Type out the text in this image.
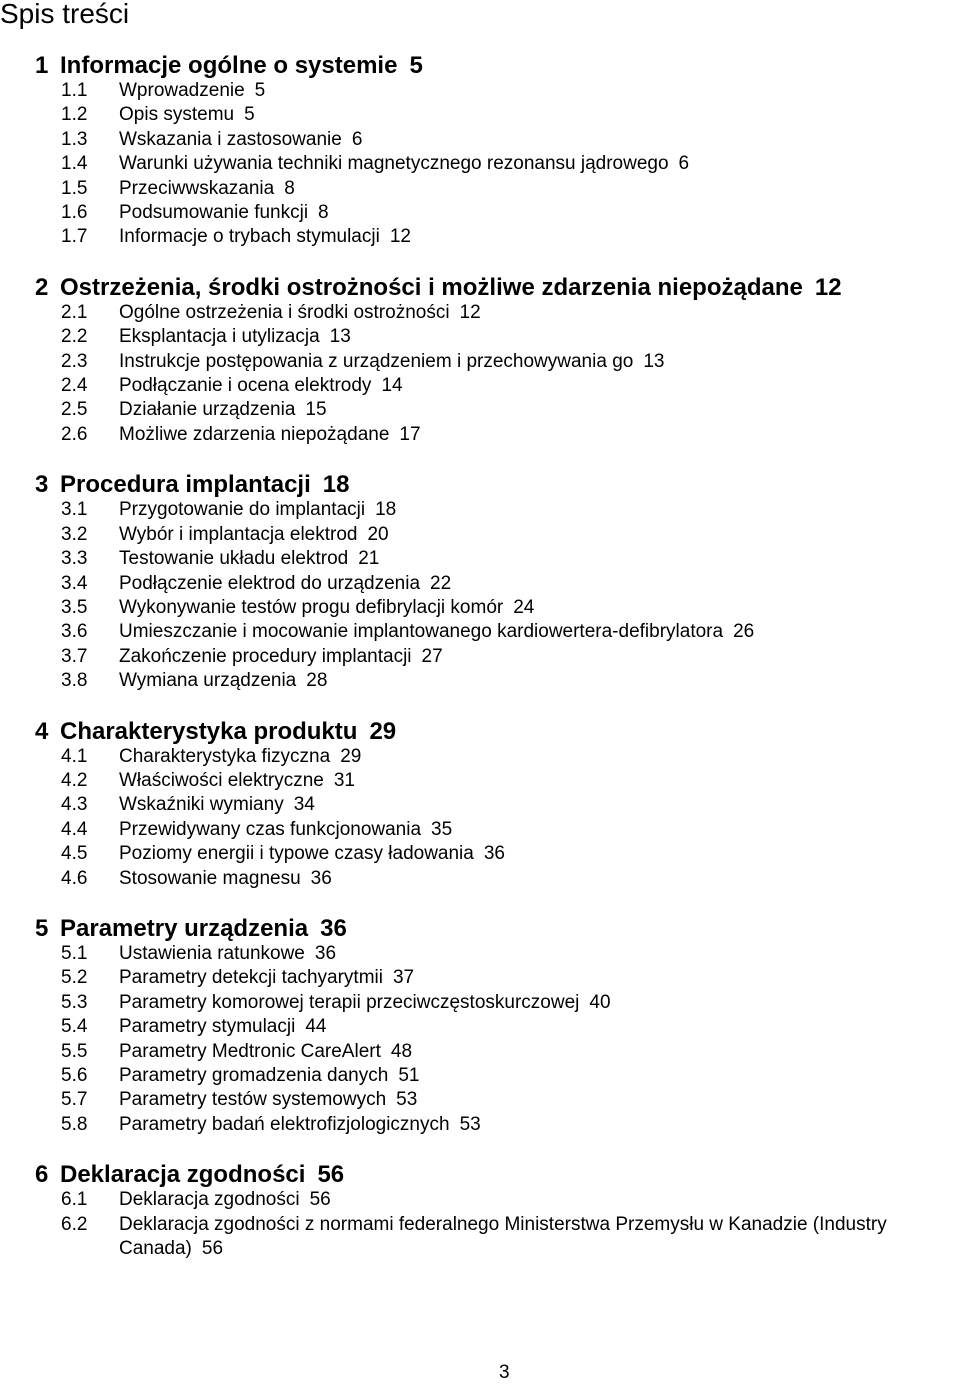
Spis treści
1 Informacje ogólne o systemie 5
1.1	Wprowadzenie 5
1.2	Opis systemu 5
1.3	Wskazania i zastosowanie 6
1.4	Warunki używania techniki magnetycznego rezonansu jądrowego 6
1.5	Przeciwwskazania 8
1.6	Podsumowanie funkcji 8
1.7	Informacje o trybach stymulacji 12
2 Ostrzeżenia, środki ostrożności i możliwe zdarzenia niepożądane 12
2.1	Ogólne ostrzeżenia i środki ostrożności 12
2.2	Eksplantacja i utylizacja 13
2.3	Instrukcje postępowania z urządzeniem i przechowywania go 13
2.4	Podłączanie i ocena elektrody 14
2.5	Działanie urządzenia 15
2.6	Możliwe zdarzenia niepożądane 17
3 Procedura implantacji 18
3.1	Przygotowanie do implantacji 18
3.2	Wybór i implantacja elektrod 20
3.3	Testowanie układu elektrod 21
3.4	Podłączenie elektrod do urządzenia 22
3.5	Wykonywanie testów progu defibrylacji komór 24
3.6	Umieszczanie i mocowanie implantowanego kardiowertera-defibrylatora 26
3.7	Zakończenie procedury implantacji 27
3.8	Wymiana urządzenia 28
4 Charakterystyka produktu 29
4.1	Charakterystyka fizyczna 29
4.2	Właściwości elektryczne 31
4.3	Wskaźniki wymiany 34
4.4	Przewidywany czas funkcjonowania 35
4.5	Poziomy energii i typowe czasy ładowania 36
4.6	Stosowanie magnesu 36
5 Parametry urządzenia 36
5.1	Ustawienia ratunkowe 36
5.2	Parametry detekcji tachyarytmii 37
5.3	Parametry komorowej terapii przeciwczęstoskurczowej 40
5.4	Parametry stymulacji 44
5.5	Parametry Medtronic CareAlert 48
5.6	Parametry gromadzenia danych 51
5.7	Parametry testów systemowych 53
5.8	Parametry badań elektrofizjologicznych 53
6 Deklaracja zgodności 56
6.1	Deklaracja zgodności 56
6.2	Deklaracja zgodności z normami federalnego Ministerstwa Przemysłu w Kanadzie (Industry Canada) 56
3
